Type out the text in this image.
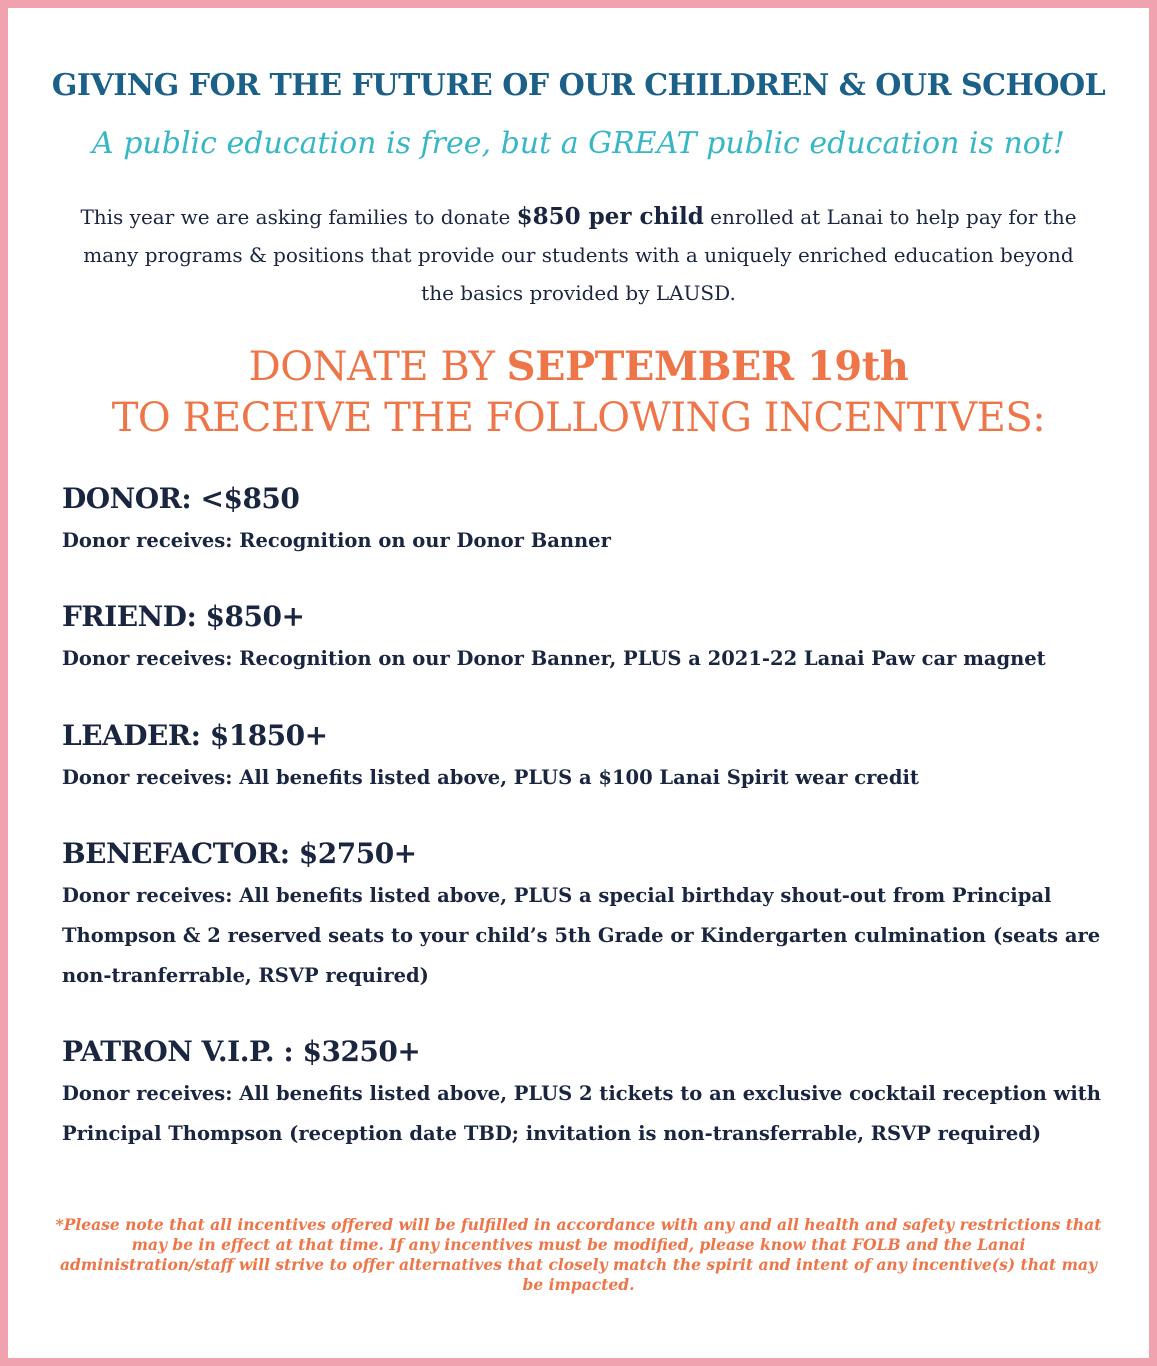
GIVING FOR THE FUTURE OF OUR CHILDREN & OUR SCHOOL

A public education is free, but a GREAT public education is not!

This year we are asking families to donate $850 per child enrolled at Lanai to help pay for the many programs & positions that provide our students with a uniquely enriched education beyond the basics provided by LAUSD.

DONATE BY SEPTEMBER 19th

TO RECEIVE THE FOLLOWING INCENTIVES:

DONOR: <$850

Donor receives: Recognition on our Donor Banner

FRIEND: $850+

Donor receives: Recognition on our Donor Banner, PLUS a 2021-22 Lanai Paw car magnet

LEADER: $1850+

Donor receives: All benefits listed above, PLUS a $100 Lanai Spirit wear credit

BENEFACTOR: $2750+

Donor receives: All benefits listed above, PLUS a special birthday shout-out from Principal Thompson & 2 reserved seats to your child’s 5th Grade or Kindergarten culmination (seats are non-tranferrable, RSVP required)

PATRON V.I.P. : $3250+

Donor receives: All benefits listed above, PLUS 2 tickets to an exclusive cocktail reception with Principal Thompson (reception date TBD; invitation is non-transferrable, RSVP required)

*Please note that all incentives offered will be fulfilled in accordance with any and all health and safety restrictions that may be in effect at that time. If any incentives must be modified, please know that FOLB and the Lanai administration/staff will strive to offer alternatives that closely match the spirit and intent of any incentive(s) that may be impacted.
